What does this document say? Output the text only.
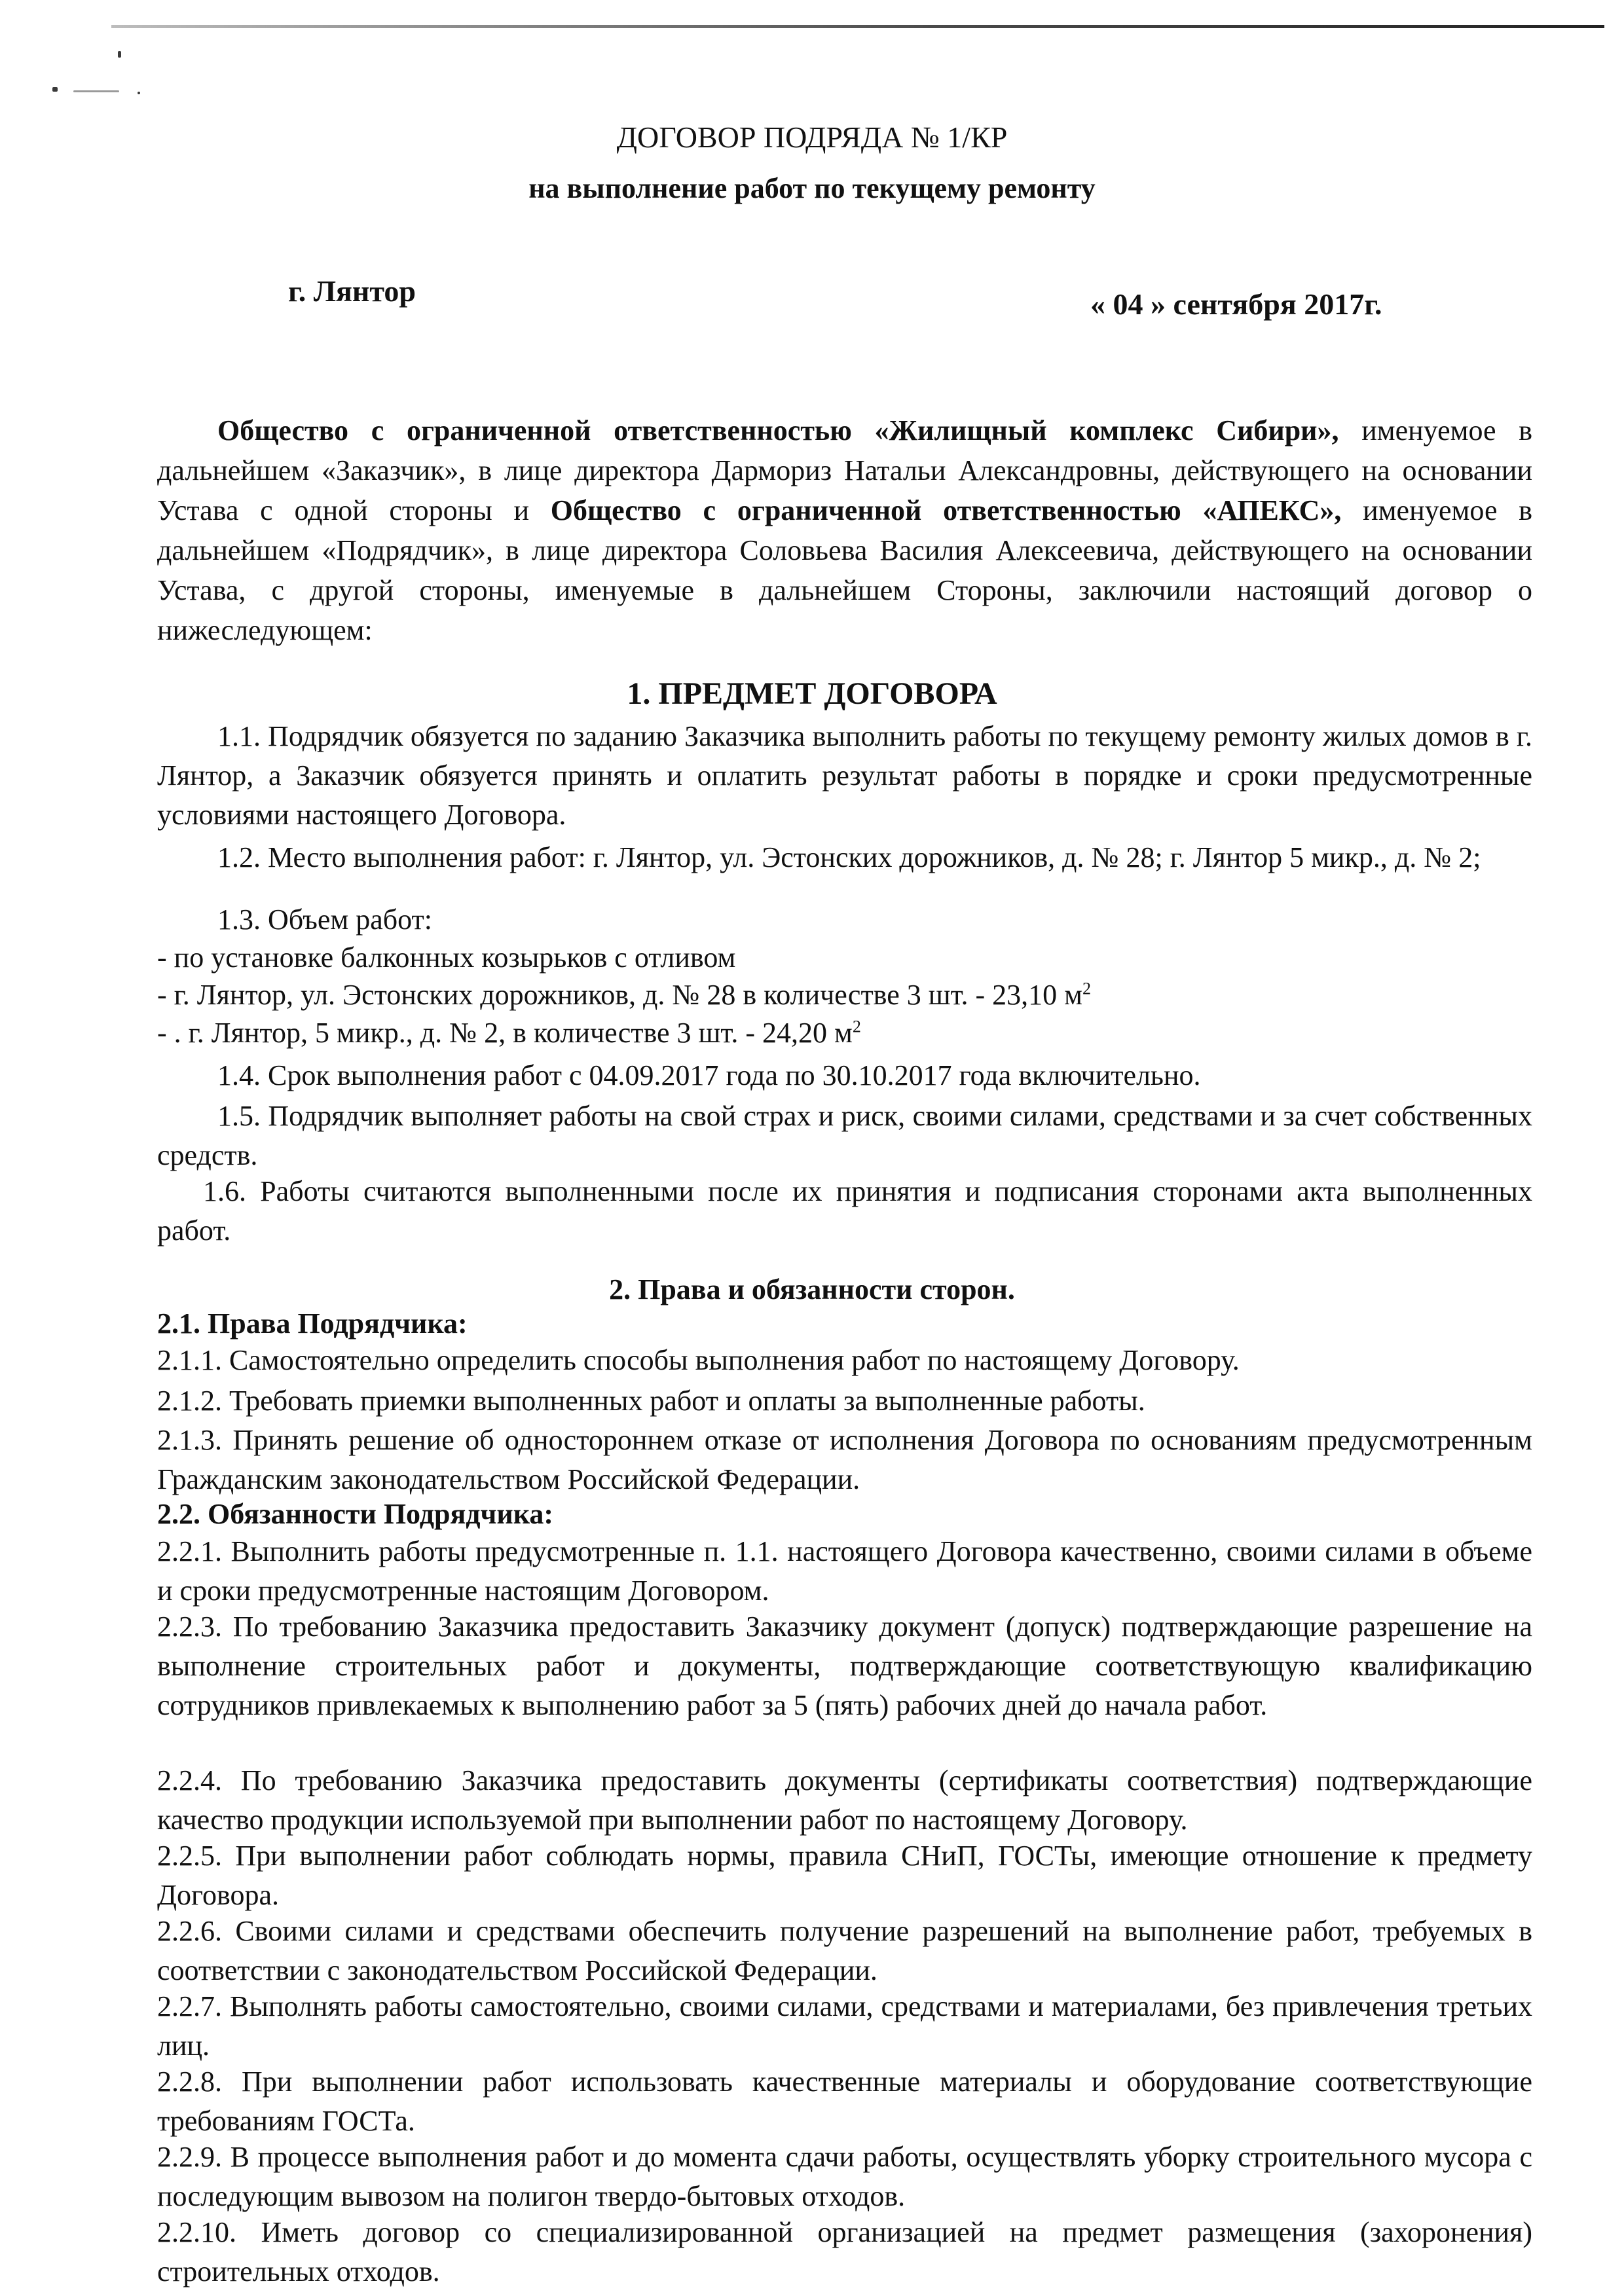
ДОГОВОР ПОДРЯДА № 1/КР

на выполнение работ по текущему ремонту

г. Лянтор	« 04 » сентября 2017г.

Общество с ограниченной ответственностью «Жилищный комплекс Сибири», именуемое в дальнейшем «Заказчик», в лице директора Дармориз Натальи Александровны, действующего на основании Устава с одной стороны и Общество с ограниченной ответственностью «АПЕКС», именуемое в дальнейшем «Подрядчик», в лице директора Соловьева Василия Алексеевича, действующего на основании Устава, с другой стороны, именуемые в дальнейшем Стороны, заключили настоящий договор о нижеследующем:

1. ПРЕДМЕТ ДОГОВОРА

1.1. Подрядчик обязуется по заданию Заказчика выполнить работы по текущему ремонту жилых домов в г. Лянтор, а Заказчик обязуется принять и оплатить результат работы в порядке и сроки предусмотренные условиями настоящего Договора.

1.2. Место выполнения работ: г. Лянтор, ул. Эстонских дорожников, д. № 28; г. Лянтор 5 микр., д. № 2;

1.3. Объем работ:

- по установке балконных козырьков с отливом

- г. Лянтор, ул. Эстонских дорожников, д. № 28 в количестве 3 шт. - 23,10 $м^2$

- . г. Лянтор, 5 микр., д. № 2, в количестве 3 шт. - 24,20 $м^2$

1.4. Срок выполнения работ с 04.09.2017 года по 30.10.2017 года включительно.

1.5. Подрядчик выполняет работы на свой страх и риск, своими силами, средствами и за счет собственных средств.

1.6. Работы считаются выполненными после их принятия и подписания сторонами акта выполненных работ.

2. Права и обязанности сторон.

2.1. Права Подрядчика:

2.1.1. Самостоятельно определить способы выполнения работ по настоящему Договору.

2.1.2. Требовать приемки выполненных работ и оплаты за выполненные работы.

2.1.3. Принять решение об одностороннем отказе от исполнения Договора по основаниям предусмотренным Гражданским законодательством Российской Федерации.

2.2. Обязанности Подрядчика:

2.2.1. Выполнить работы предусмотренные п. 1.1. настоящего Договора качественно, своими силами в объеме и сроки предусмотренные настоящим Договором.

2.2.3. По требованию Заказчика предоставить Заказчику документ (допуск) подтверждающие разрешение на выполнение строительных работ и документы, подтверждающие соответствующую квалификацию сотрудников привлекаемых к выполнению работ за 5 (пять) рабочих дней до начала работ.

2.2.4. По требованию Заказчика предоставить документы (сертификаты соответствия) подтверждающие качество продукции используемой при выполнении работ по настоящему Договору.

2.2.5. При выполнении работ соблюдать нормы, правила СНиП, ГОСТы, имеющие отношение к предмету Договора.

2.2.6. Своими силами и средствами обеспечить получение разрешений на выполнение работ, требуемых в соответствии с законодательством Российской Федерации.

2.2.7. Выполнять работы самостоятельно, своими силами, средствами и материалами, без привлечения третьих лиц.

2.2.8. При выполнении работ использовать качественные материалы и оборудование соответствующие требованиям ГОСТа.

2.2.9. В процессе выполнения работ и до момента сдачи работы, осуществлять уборку строительного мусора с последующим вывозом на полигон твердо-бытовых отходов.

2.2.10. Иметь договор со специализированной организацией на предмет размещения (захоронения) строительных отходов.
